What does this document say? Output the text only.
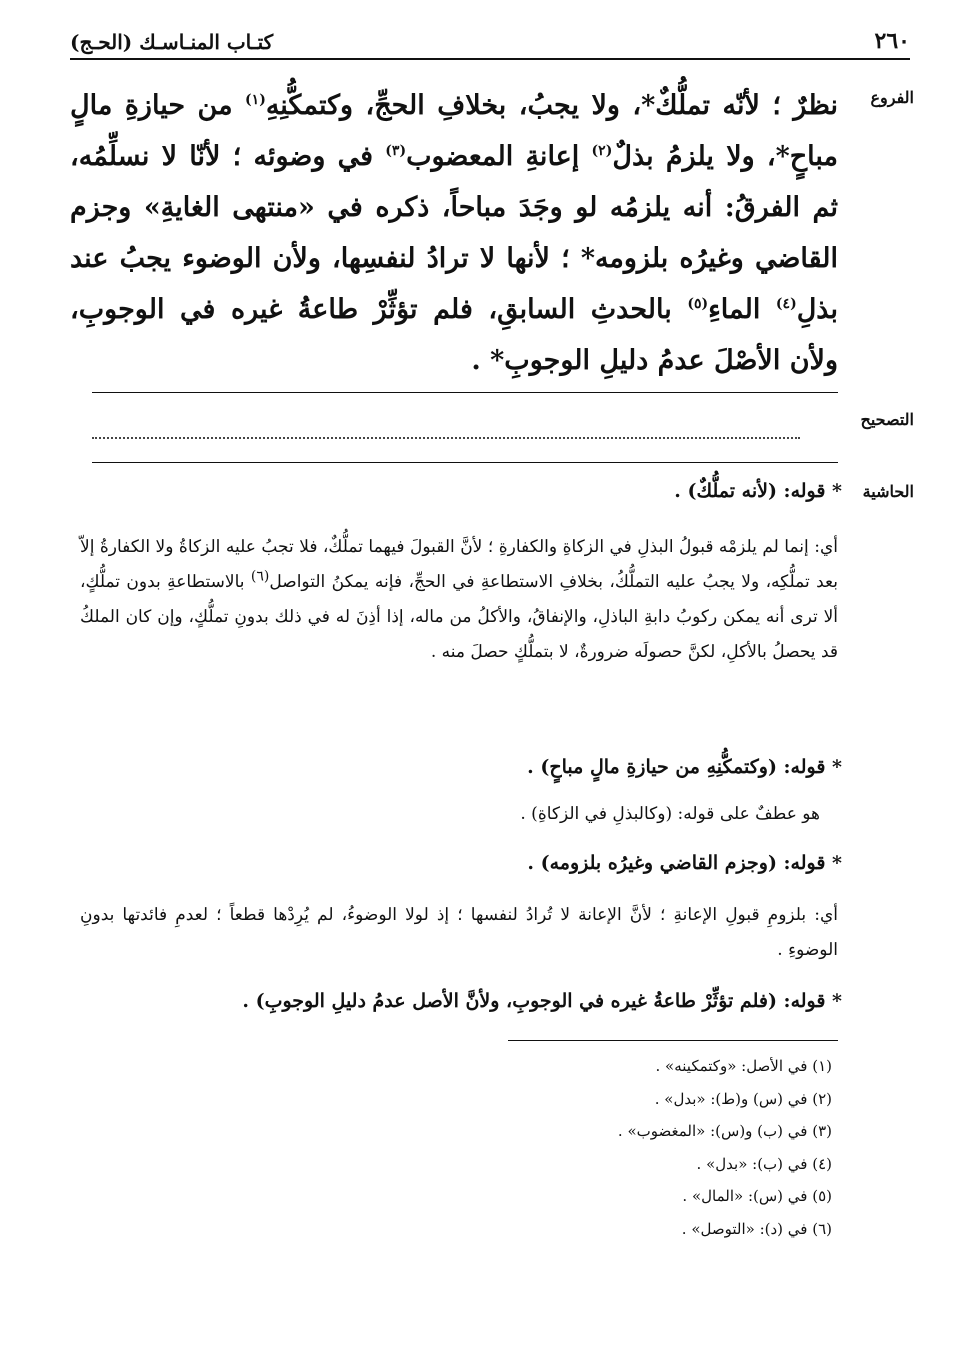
٢٦٠
كتـاب المنـاسـك (الحـج)
الفروع
نظرٌ ؛ لأنّه تملُّكٌ*، ولا يجبُ، بخلافِ الحجِّ، وكتمكُّنِهِ$^{(١)}$ من حيازةِ مالٍ مباحٍ*، ولا يلزمُ بذلٌ$^{(٢)}$ إعانةِ المعضوب$^{(٣)}$ في وضوئه ؛ لأنّا لا نسلِّمُه، ثم الفرقُ: أنه يلزمُه لو وجَدَ مباحاً، ذكره في «منتهى الغايةِ» وجزم القاضي وغيرُه بلزومه* ؛ لأنها لا ترادُ لنفسِها، ولأن الوضوء يجبُ عند بذلِ$^{(٤)}$ الماءِ$^{(٥)}$ بالحدثِ السابقِ، فلم تؤثِّرْ طاعةُ غيره في الوجوبِ، ولأن الأصْلَ عدمُ دليلِ الوجوبِ* .
التصحيح
الحاشية
* قوله: (لأنه تملُّكٌ) .
أي: إنما لم يلزمْه قبولُ البذلِ في الزكاةِ والكفارةِ ؛ لأنَّ القبولَ فيهما تملُّكٌ، فلا تجبُ عليه الزكاةُ ولا الكفارةُ إلاّ بعد تملُّكِه، ولا يجبُ عليه التملُّكُ، بخلافِ الاستطاعةِ في الحجِّ، فإنه يمكنُ التواصل$^{(٦)}$ بالاستطاعةِ بدون تملُّكٍ، ألا ترى أنه يمكن ركوبُ دابةِ الباذلِ، والإنفاقُ، والأكلُ من ماله، إذا أذِنَ له في ذلك بدونِ تملُّكٍ، وإن كان الملكُ قد يحصلُ بالأكلِ، لكنَّ حصولَه ضرورةٌ، لا بتملُّكٍ حصلَ منه .
* قوله: (وكتمكُّنِهِ من حيازةِ مالٍ مباحٍ) .
هو عطفٌ على قوله: (وكالبذلِ في الزكاةِ) .
* قوله: (وجزم القاضي وغيرُه بلزومه) .
أي: بلزومِ قبولِ الإعانةِ ؛ لأنَّ الإعانة لا تُرادُ لنفسها ؛ إذ لولا الوضوءُ، لم يُرِدْها قطعاً ؛ لعدمِ فائدتها بدونِ الوضوءِ .
* قوله: (فلم تؤثِّرْ طاعةُ غيره في الوجوبِ، ولأنَّ الأصل عدمُ دليلِ الوجوبِ) .
(١) في الأصل: «وكتمكينه» .
(٢) في (س) و(ط): «بدل» .
(٣) في (ب) و(س): «المغضوب» .
(٤) في (ب): «بدل» .
(٥) في (س): «المال» .
(٦) في (د): «التوصل» .
